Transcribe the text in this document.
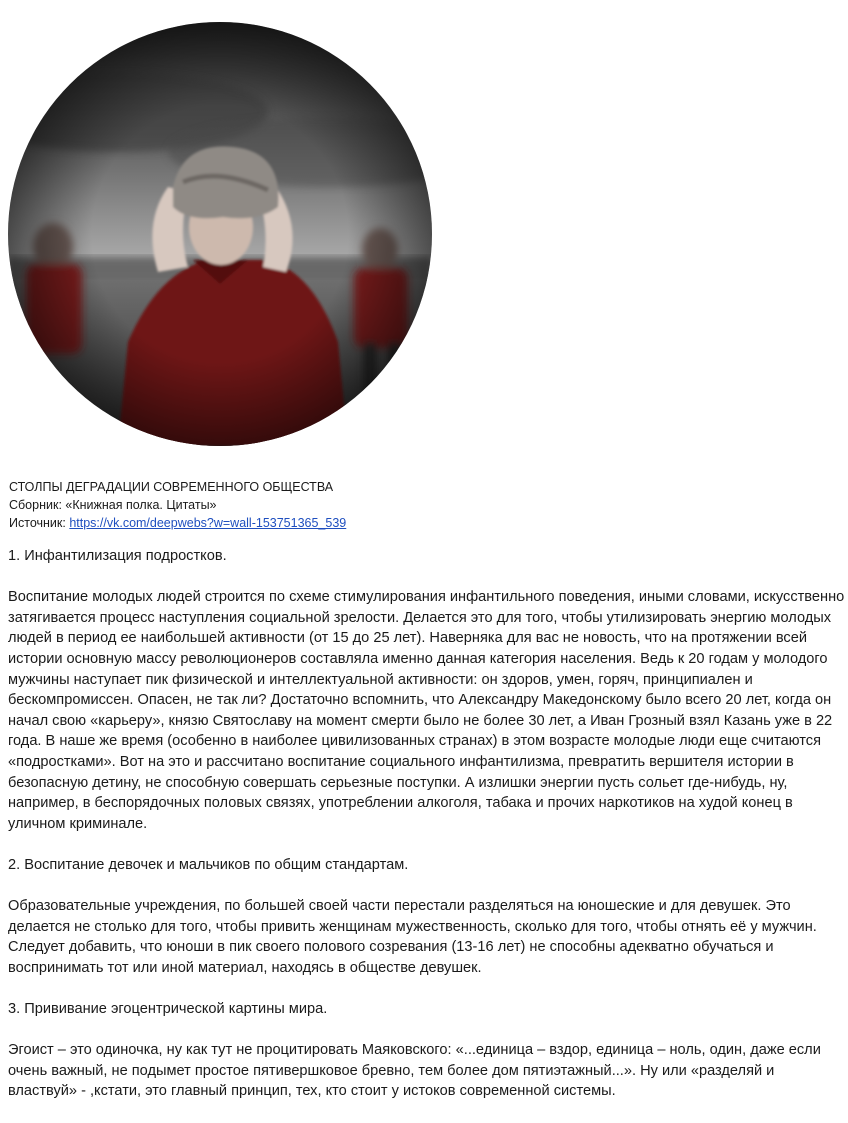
СТОЛПЫ ДЕГРАДАЦИИ СОВРЕМЕННОГО ОБЩЕСТВА
Сборник: «Книжная полка. Цитаты»
Источник: https://vk.com/deepwebs?w=wall-153751365_539

1. Инфантилизация подростков.

Воспитание молодых людей строится по схеме стимулирования инфантильного поведения, иными словами, искусственно затягивается процесс наступления социальной зрелости. Делается это для того, чтобы утилизировать энергию молодых людей в период ее наибольшей активности (от 15 до 25 лет). Наверняка для вас не новость, что на протяжении всей истории основную массу революционеров составляла именно данная категория населения. Ведь к 20 годам у молодого мужчины наступает пик физической и интеллектуальной активности: он здоров, умен, горяч, принципиален и бескомпромиссен. Опасен, не так ли? Достаточно вспомнить, что Александру Македонскому было всего 20 лет, когда он начал свою «карьеру», князю Святославу на момент смерти было не более 30 лет, а Иван Грозный взял Казань уже в 22 года. В наше же время (особенно в наиболее цивилизованных странах) в этом возрасте молодые люди еще считаются «подростками». Вот на это и рассчитано воспитание социального инфантилизма, превратить вершителя истории в безопасную детину, не способную совершать серьезные поступки. А излишки энергии пусть сольет где-нибудь, ну, например, в беспорядочных половых связях, употреблении алкоголя, табака и прочих наркотиков на худой конец в уличном криминале.

2. Воспитание девочек и мальчиков по общим стандартам.

Образовательные учреждения, по большей своей части перестали разделяться на юношеские и для девушек. Это делается не столько для того, чтобы привить женщинам мужественность, сколько для того, чтобы отнять её у мужчин. Следует добавить, что юноши в пик своего полового созревания (13-16 лет) не способны адекватно обучаться и воспринимать тот или иной материал, находясь в обществе девушек.

3. Прививание эгоцентрической картины мира.

Эгоист – это одиночка, ну как тут не процитировать Маяковского: «...единица – вздор, единица – ноль, один, даже если очень важный, не подымет простое пятивершковое бревно, тем более дом пятиэтажный...». Ну или «разделяй и властвуй» - ,кстати, это главный принцип, тех, кто стоит у истоков современной системы.
